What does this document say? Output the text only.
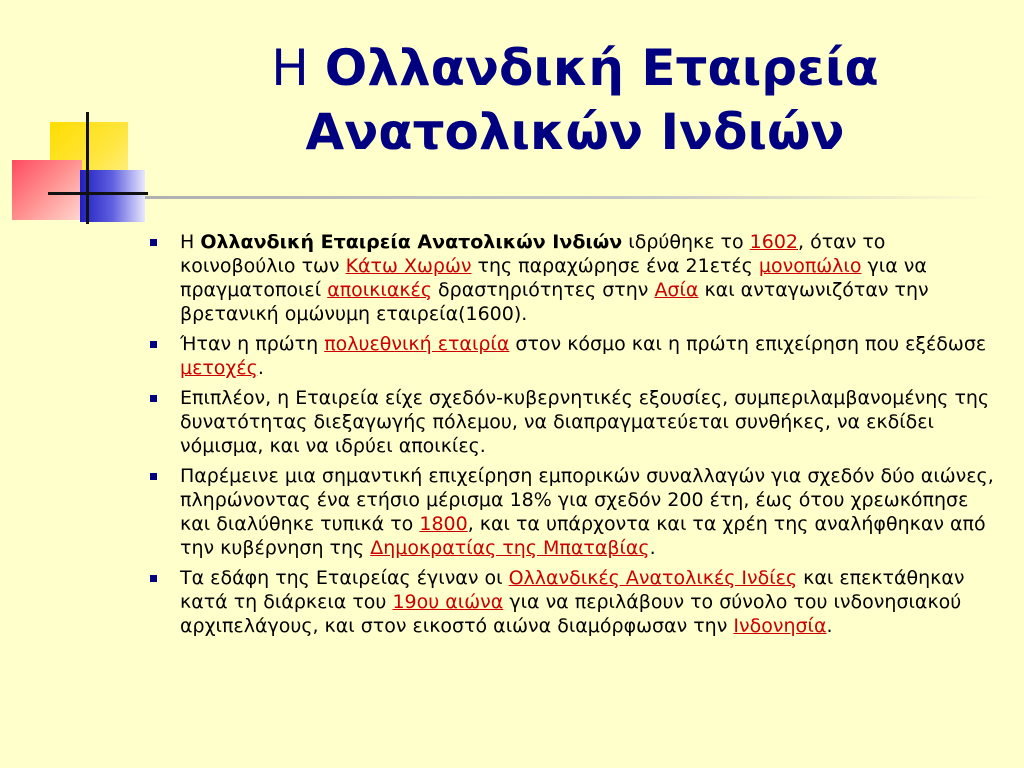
Η Ολλανδική Εταιρεία
Ανατολικών Ινδιών
Η Ολλανδική Εταιρεία Ανατολικών Ινδιών ιδρύθηκε το 1602, όταν το κοινοβούλιο των Κάτω Χωρών της παραχώρησε ένα 21ετές μονοπώλιο για να πραγματοποιεί αποικιακές δραστηριότητες στην Ασία και ανταγωνιζόταν την βρετανική ομώνυμη εταιρεία(1600).
Ήταν η πρώτη πολυεθνική εταιρία στον κόσμο και η πρώτη επιχείρηση που εξέδωσε μετοχές.
Επιπλέον, η Εταιρεία είχε σχεδόν-κυβερνητικές εξουσίες, συμπεριλαμβανομένης της δυνατότητας διεξαγωγής πόλεμου, να διαπραγματεύεται συνθήκες, να εκδίδει νόμισμα, και να ιδρύει αποικίες.
Παρέμεινε μια σημαντική επιχείρηση εμπορικών συναλλαγών για σχεδόν δύο αιώνες, πληρώνοντας ένα ετήσιο μέρισμα 18% για σχεδόν 200 έτη, έως ότου χρεωκόπησε και διαλύθηκε τυπικά το 1800, και τα υπάρχοντα και τα χρέη της αναλήφθηκαν από την κυβέρνηση της Δημοκρατίας της Μπαταβίας.
Τα εδάφη της Εταιρείας έγιναν οι Ολλανδικές Ανατολικές Ινδίες και επεκτάθηκαν κατά τη διάρκεια του 19ου αιώνα για να περιλάβουν το σύνολο του ινδονησιακού αρχιπελάγους, και στον εικοστό αιώνα διαμόρφωσαν την Ινδονησία.
